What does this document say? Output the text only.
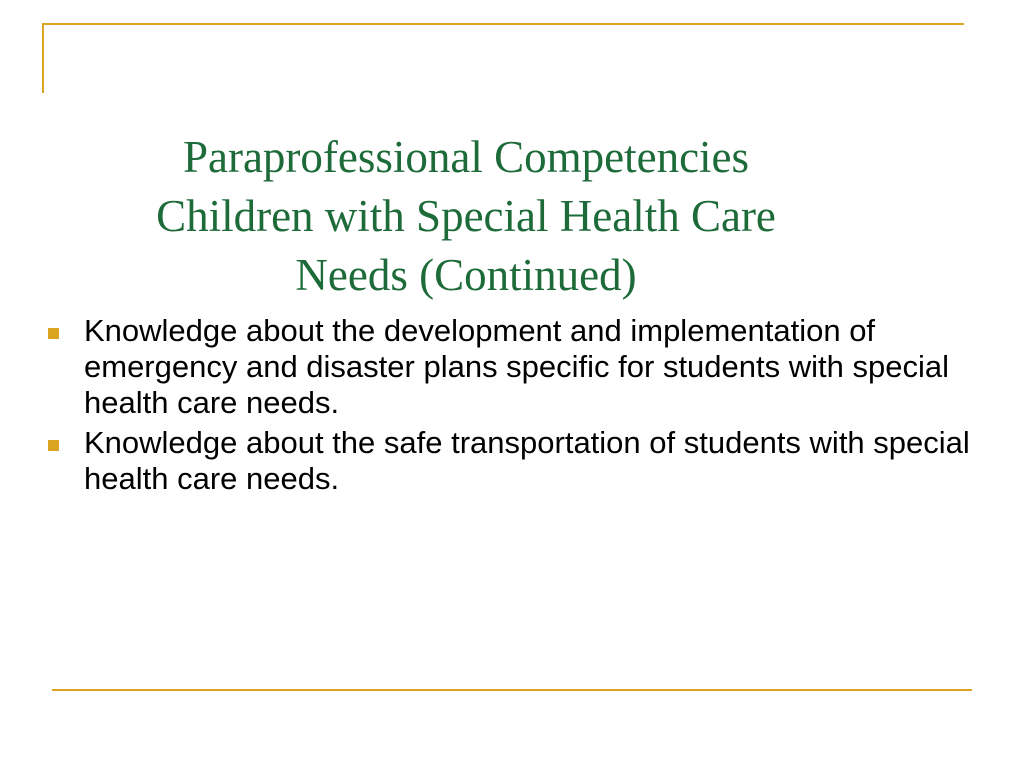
Paraprofessional Competencies
Children with Special Health Care
Needs (Continued)
Knowledge about the development and implementation of emergency and disaster plans specific for students with special health care needs.
Knowledge about the safe transportation of students with special health care needs.
